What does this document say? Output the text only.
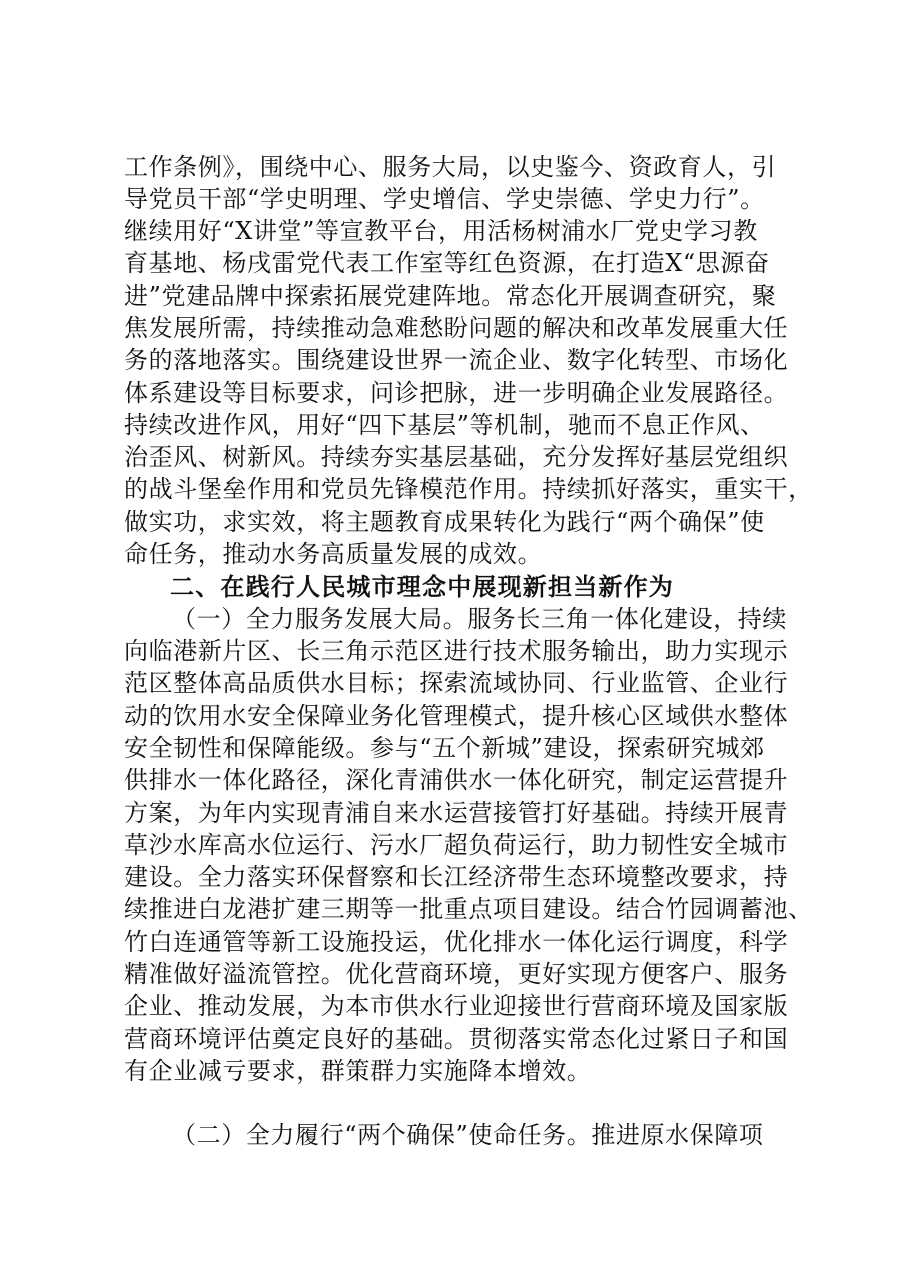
工作条例》，围绕中心、服务大局，以史鉴今、资政育人，引
导党员干部“学史明理、学史增信、学史崇德、学史力行”。
继续用好“X讲堂”等宣教平台，用活杨树浦水厂党史学习教
育基地、杨戌雷党代表工作室等红色资源，在打造X“思源奋
进”党建品牌中探索拓展党建阵地。常态化开展调查研究，聚
焦发展所需，持续推动急难愁盼问题的解决和改革发展重大任
务的落地落实。围绕建设世界一流企业、数字化转型、市场化
体系建设等目标要求，问诊把脉，进一步明确企业发展路径。
持续改进作风，用好“四下基层”等机制，驰而不息正作风、
治歪风、树新风。持续夯实基层基础，充分发挥好基层党组织
的战斗堡垒作用和党员先锋模范作用。持续抓好落实，重实干，
做实功，求实效，将主题教育成果转化为践行“两个确保”使
命任务，推动水务高质量发展的成效。
二、在践行人民城市理念中展现新担当新作为
（一）全力服务发展大局。服务长三角一体化建设，持续
向临港新片区、长三角示范区进行技术服务输出，助力实现示
范区整体高品质供水目标；探索流域协同、行业监管、企业行
动的饮用水安全保障业务化管理模式，提升核心区域供水整体
安全韧性和保障能级。参与“五个新城”建设，探索研究城郊
供排水一体化路径，深化青浦供水一体化研究，制定运营提升
方案，为年内实现青浦自来水运营接管打好基础。持续开展青
草沙水库高水位运行、污水厂超负荷运行，助力韧性安全城市
建设。全力落实环保督察和长江经济带生态环境整改要求，持
续推进白龙港扩建三期等一批重点项目建设。结合竹园调蓄池、
竹白连通管等新工设施投运，优化排水一体化运行调度，科学
精准做好溢流管控。优化营商环境，更好实现方便客户、服务
企业、推动发展，为本市供水行业迎接世行营商环境及国家版
营商环境评估奠定良好的基础。贯彻落实常态化过紧日子和国
有企业减亏要求，群策群力实施降本增效。
（二）全力履行“两个确保”使命任务。推进原水保障项
